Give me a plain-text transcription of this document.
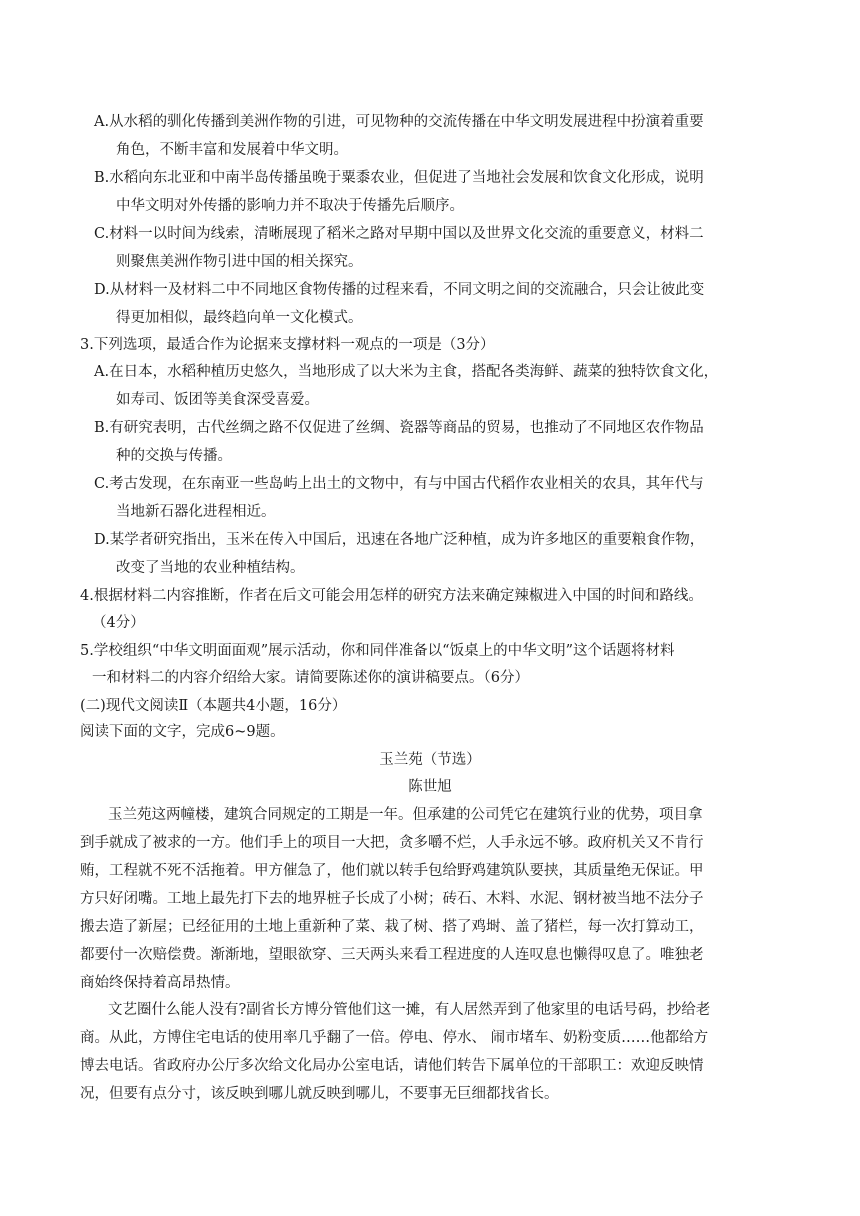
A.从水稻的驯化传播到美洲作物的引进，可见物种的交流传播在中华文明发展进程中扮演着重要
角色，不断丰富和发展着中华文明。
B.水稻向东北亚和中南半岛传播虽晚于粟黍农业，但促进了当地社会发展和饮食文化形成，说明
中华文明对外传播的影响力并不取决于传播先后顺序。
C.材料一以时间为线索，清晰展现了稻米之路对早期中国以及世界文化交流的重要意义，材料二
则聚焦美洲作物引进中国的相关探究。
D.从材料一及材料二中不同地区食物传播的过程来看，不同文明之间的交流融合，只会让彼此变
得更加相似，最终趋向单一文化模式。
3.下列选项，最适合作为论据来支撑材料一观点的一项是（3分）
A.在日本，水稻种植历史悠久，当地形成了以大米为主食，搭配各类海鲜、蔬菜的独特饮食文化，
如寿司、饭团等美食深受喜爱。
B.有研究表明，古代丝绸之路不仅促进了丝绸、瓷器等商品的贸易，也推动了不同地区农作物品
种的交换与传播。
C.考古发现，在东南亚一些岛屿上出土的文物中，有与中国古代稻作农业相关的农具，其年代与
当地新石器化进程相近。
D.某学者研究指出，玉米在传入中国后，迅速在各地广泛种植，成为许多地区的重要粮食作物，
改变了当地的农业种植结构。
4.根据材料二内容推断，作者在后文可能会用怎样的研究方法来确定辣椒进入中国的时间和路线。
（4分）
5.学校组织“中华文明面面观”展示活动，你和同伴准备以“饭桌上的中华文明”这个话题将材料
一和材料二的内容介绍给大家。请简要陈述你的演讲稿要点。（6分）
(二)现代文阅读Ⅱ（本题共4小题，16分）
阅读下面的文字，完成6~9题。
玉兰苑（节选）
陈世旭
玉兰苑这两幢楼，建筑合同规定的工期是一年。但承建的公司凭它在建筑行业的优势，项目拿
到手就成了被求的一方。他们手上的项目一大把，贪多嚼不烂，人手永远不够。政府机关又不肯行
贿，工程就不死不活拖着。甲方催急了，他们就以转手包给野鸡建筑队要挟，其质量绝无保证。甲
方只好闭嘴。工地上最先打下去的地界桩子长成了小树；砖石、木料、水泥、钢材被当地不法分子
搬去造了新屋；已经征用的土地上重新种了菜、栽了树、搭了鸡埘、盖了猪栏，每一次打算动工，
都要付一次赔偿费。渐渐地，望眼欲穿、三天两头来看工程进度的人连叹息也懒得叹息了。唯独老
商始终保持着高昂热情。
文艺圈什么能人没有?副省长方博分管他们这一摊，有人居然弄到了他家里的电话号码，抄给老
商。从此，方博住宅电话的使用率几乎翻了一倍。停电、停水、 闹市堵车、奶粉变质……他都给方
博去电话。省政府办公厅多次给文化局办公室电话，请他们转告下属单位的干部职工：欢迎反映情
况，但要有点分寸，该反映到哪儿就反映到哪儿，不要事无巨细都找省长。
